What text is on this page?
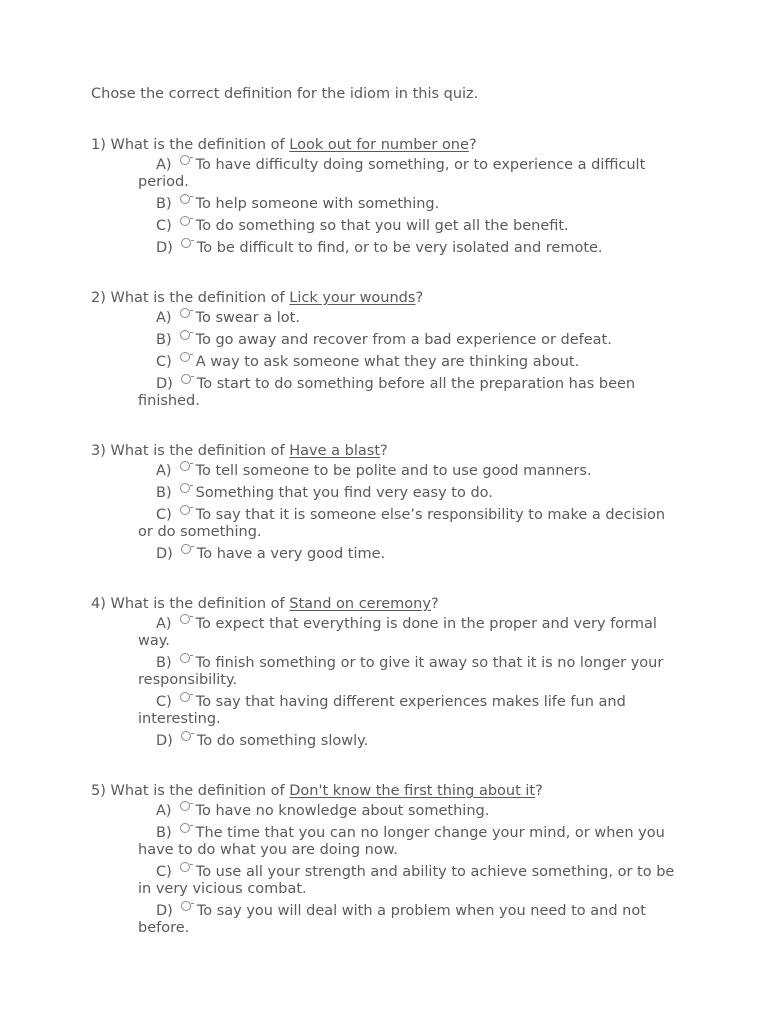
Chose the correct definition for the idiom in this quiz.

1) What is the definition of Look out for number one?

A) To have difficulty doing something, or to experience a difficult period.

B) To help someone with something.

C) To do something so that you will get all the benefit.

D) To be difficult to find, or to be very isolated and remote.

2) What is the definition of Lick your wounds?

A) To swear a lot.

B) To go away and recover from a bad experience or defeat.

C) A way to ask someone what they are thinking about.

D) To start to do something before all the preparation has been finished.

3) What is the definition of Have a blast?

A) To tell someone to be polite and to use good manners.

B) Something that you find very easy to do.

C) To say that it is someone else’s responsibility to make a decision or do something.

D) To have a very good time.

4) What is the definition of Stand on ceremony?

A) To expect that everything is done in the proper and very formal way.

B) To finish something or to give it away so that it is no longer your responsibility.

C) To say that having different experiences makes life fun and interesting.

D) To do something slowly.

5) What is the definition of Don't know the first thing about it?

A) To have no knowledge about something.

B) The time that you can no longer change your mind, or when you have to do what you are doing now.

C) To use all your strength and ability to achieve something, or to be in very vicious combat.

D) To say you will deal with a problem when you need to and not before.
